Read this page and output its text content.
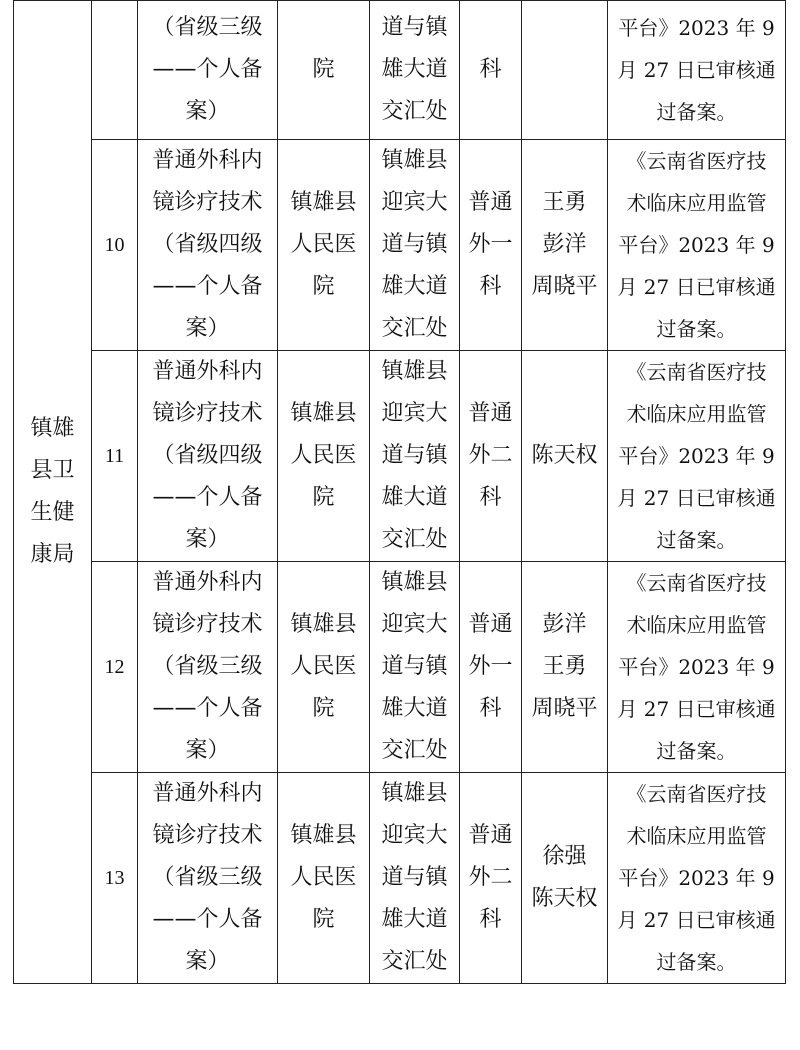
镇雄
县卫
生健
康局		（省级三级
——个人备
案）	院	道与镇
雄大道
交汇处	科		平台》2023 年 9
月 27 日已审核通
过备案。

	10	普通外科内
镜诊疗技术
（省级四级
——个人备
案）	镇雄县
人民医
院	镇雄县
迎宾大
道与镇
雄大道
交汇处	普通
外一
科	王勇
彭洋
周晓平	《云南省医疗技
术临床应用监管
平台》2023 年 9
月 27 日已审核通
过备案。

	11	普通外科内
镜诊疗技术
（省级四级
——个人备
案）	镇雄县
人民医
院	镇雄县
迎宾大
道与镇
雄大道
交汇处	普通
外二
科	陈天权	《云南省医疗技
术临床应用监管
平台》2023 年 9
月 27 日已审核通
过备案。

	12	普通外科内
镜诊疗技术
（省级三级
——个人备
案）	镇雄县
人民医
院	镇雄县
迎宾大
道与镇
雄大道
交汇处	普通
外一
科	彭洋
王勇
周晓平	《云南省医疗技
术临床应用监管
平台》2023 年 9
月 27 日已审核通
过备案。

	13	普通外科内
镜诊疗技术
（省级三级
——个人备
案）	镇雄县
人民医
院	镇雄县
迎宾大
道与镇
雄大道
交汇处	普通
外二
科	徐强
陈天权	《云南省医疗技
术临床应用监管
平台》2023 年 9
月 27 日已审核通
过备案。
